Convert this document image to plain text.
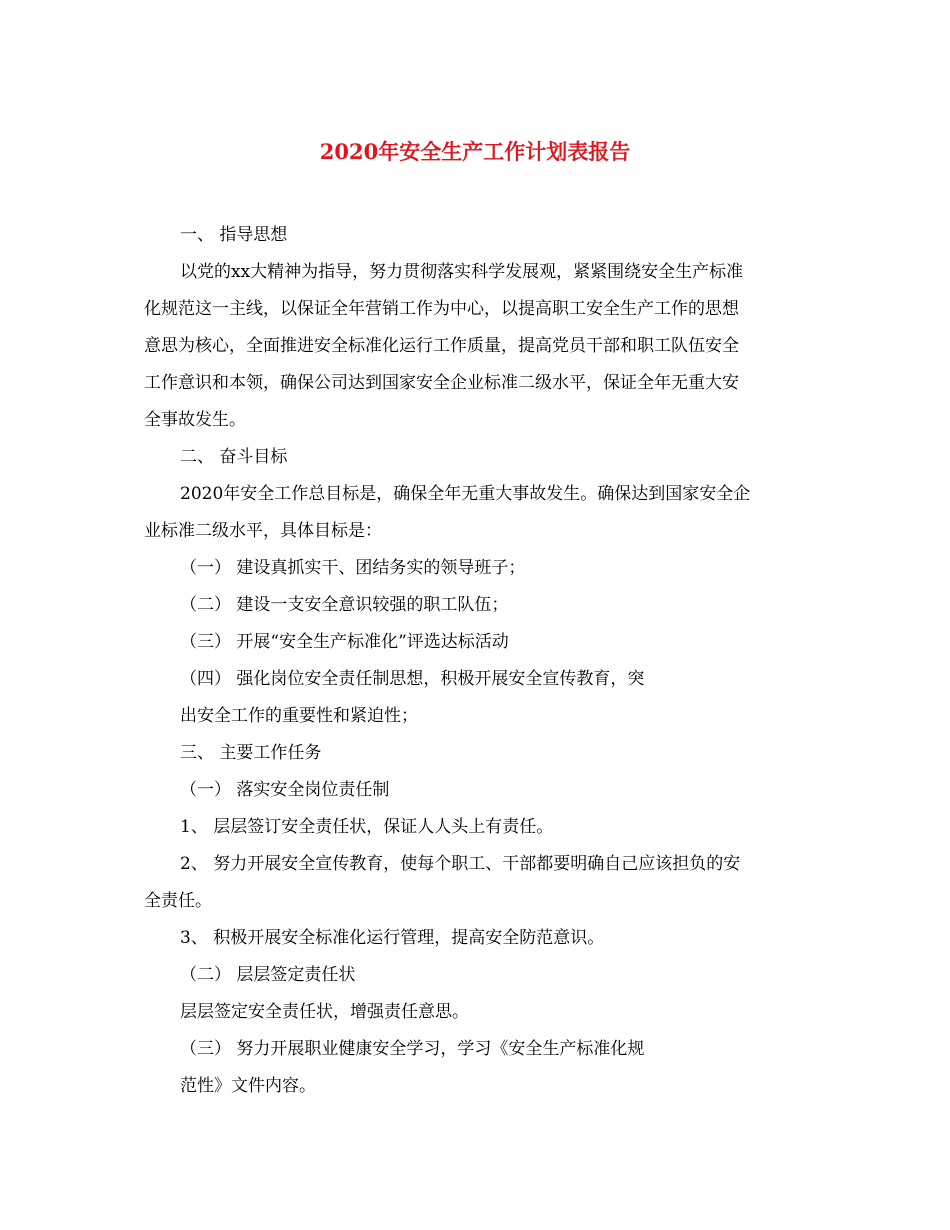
2020年安全生产工作计划表报告
一、 指导思想
以党的xx大精神为指导，努力贯彻落实科学发展观，紧紧围绕安全生产标准
化规范这一主线，以保证全年营销工作为中心，以提高职工安全生产工作的思想
意思为核心，全面推进安全标准化运行工作质量，提高党员干部和职工队伍安全
工作意识和本领，确保公司达到国家安全企业标准二级水平，保证全年无重大安
全事故发生。
二、 奋斗目标
2020年安全工作总目标是，确保全年无重大事故发生。确保达到国家安全企
业标准二级水平，具体目标是：
（一） 建设真抓实干、团结务实的领导班子；
（二） 建设一支安全意识较强的职工队伍；
（三） 开展“安全生产标准化”评选达标活动
（四） 强化岗位安全责任制思想，积极开展安全宣传教育，突
出安全工作的重要性和紧迫性；
三、 主要工作任务
（一） 落实安全岗位责任制
1、 层层签订安全责任状，保证人人头上有责任。
2、 努力开展安全宣传教育，使每个职工、干部都要明确自己应该担负的安
全责任。
3、 积极开展安全标准化运行管理，提高安全防范意识。
（二） 层层签定责任状
层层签定安全责任状，增强责任意思。
（三） 努力开展职业健康安全学习，学习《安全生产标准化规
范性》文件内容。
